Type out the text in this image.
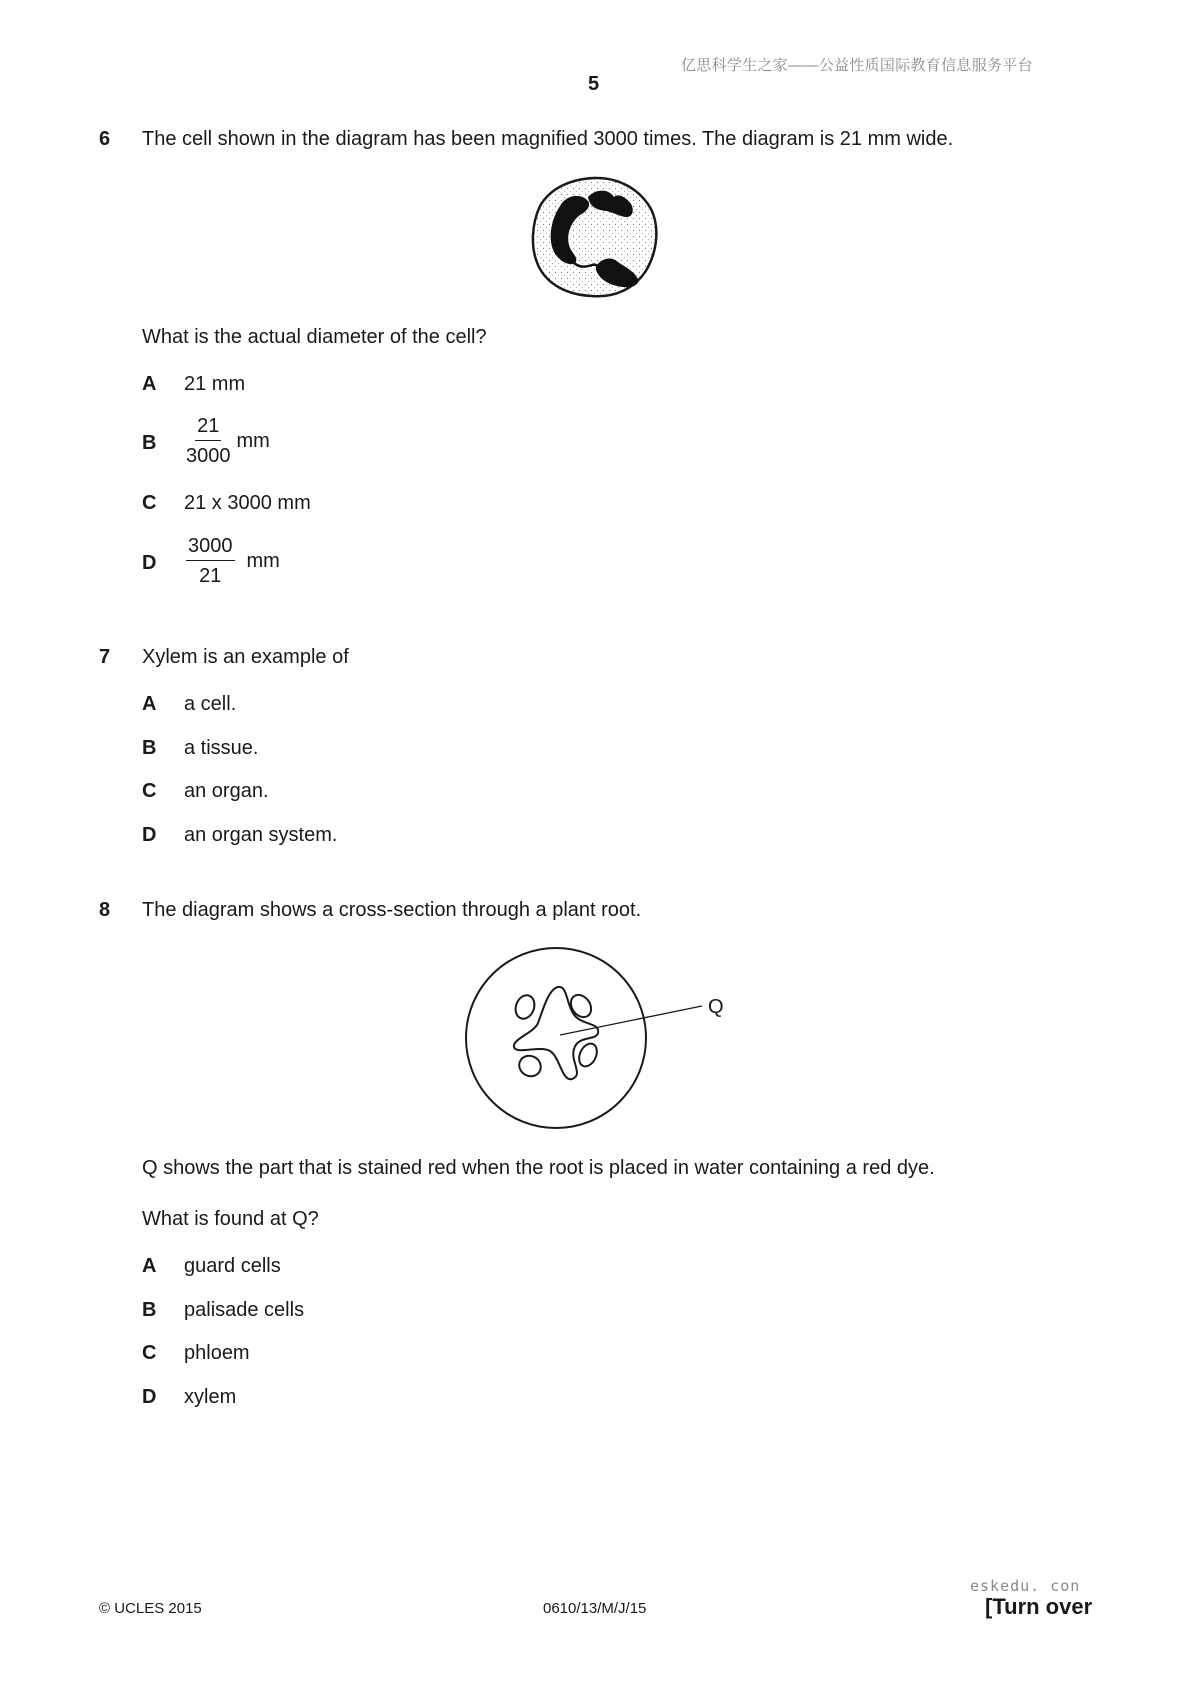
亿思科学生之家——公益性质国际教育信息服务平台
5
6 The cell shown in the diagram has been magnified 3000 times. The diagram is 21 mm wide.
What is the actual diameter of the cell?
A 21 mm
B $\frac{21}{3000}$ mm
C 21 x 3000 mm
D $\frac{3000}{21}$ mm
7 Xylem is an example of
A a cell.
B a tissue.
C an organ.
D an organ system.
8 The diagram shows a cross-section through a plant root.
Q
Q shows the part that is stained red when the root is placed in water containing a red dye.
What is found at Q?
A guard cells
B palisade cells
C phloem
D xylem
eskedu. con
© UCLES 2015	0610/13/M/J/15	[Turn over
